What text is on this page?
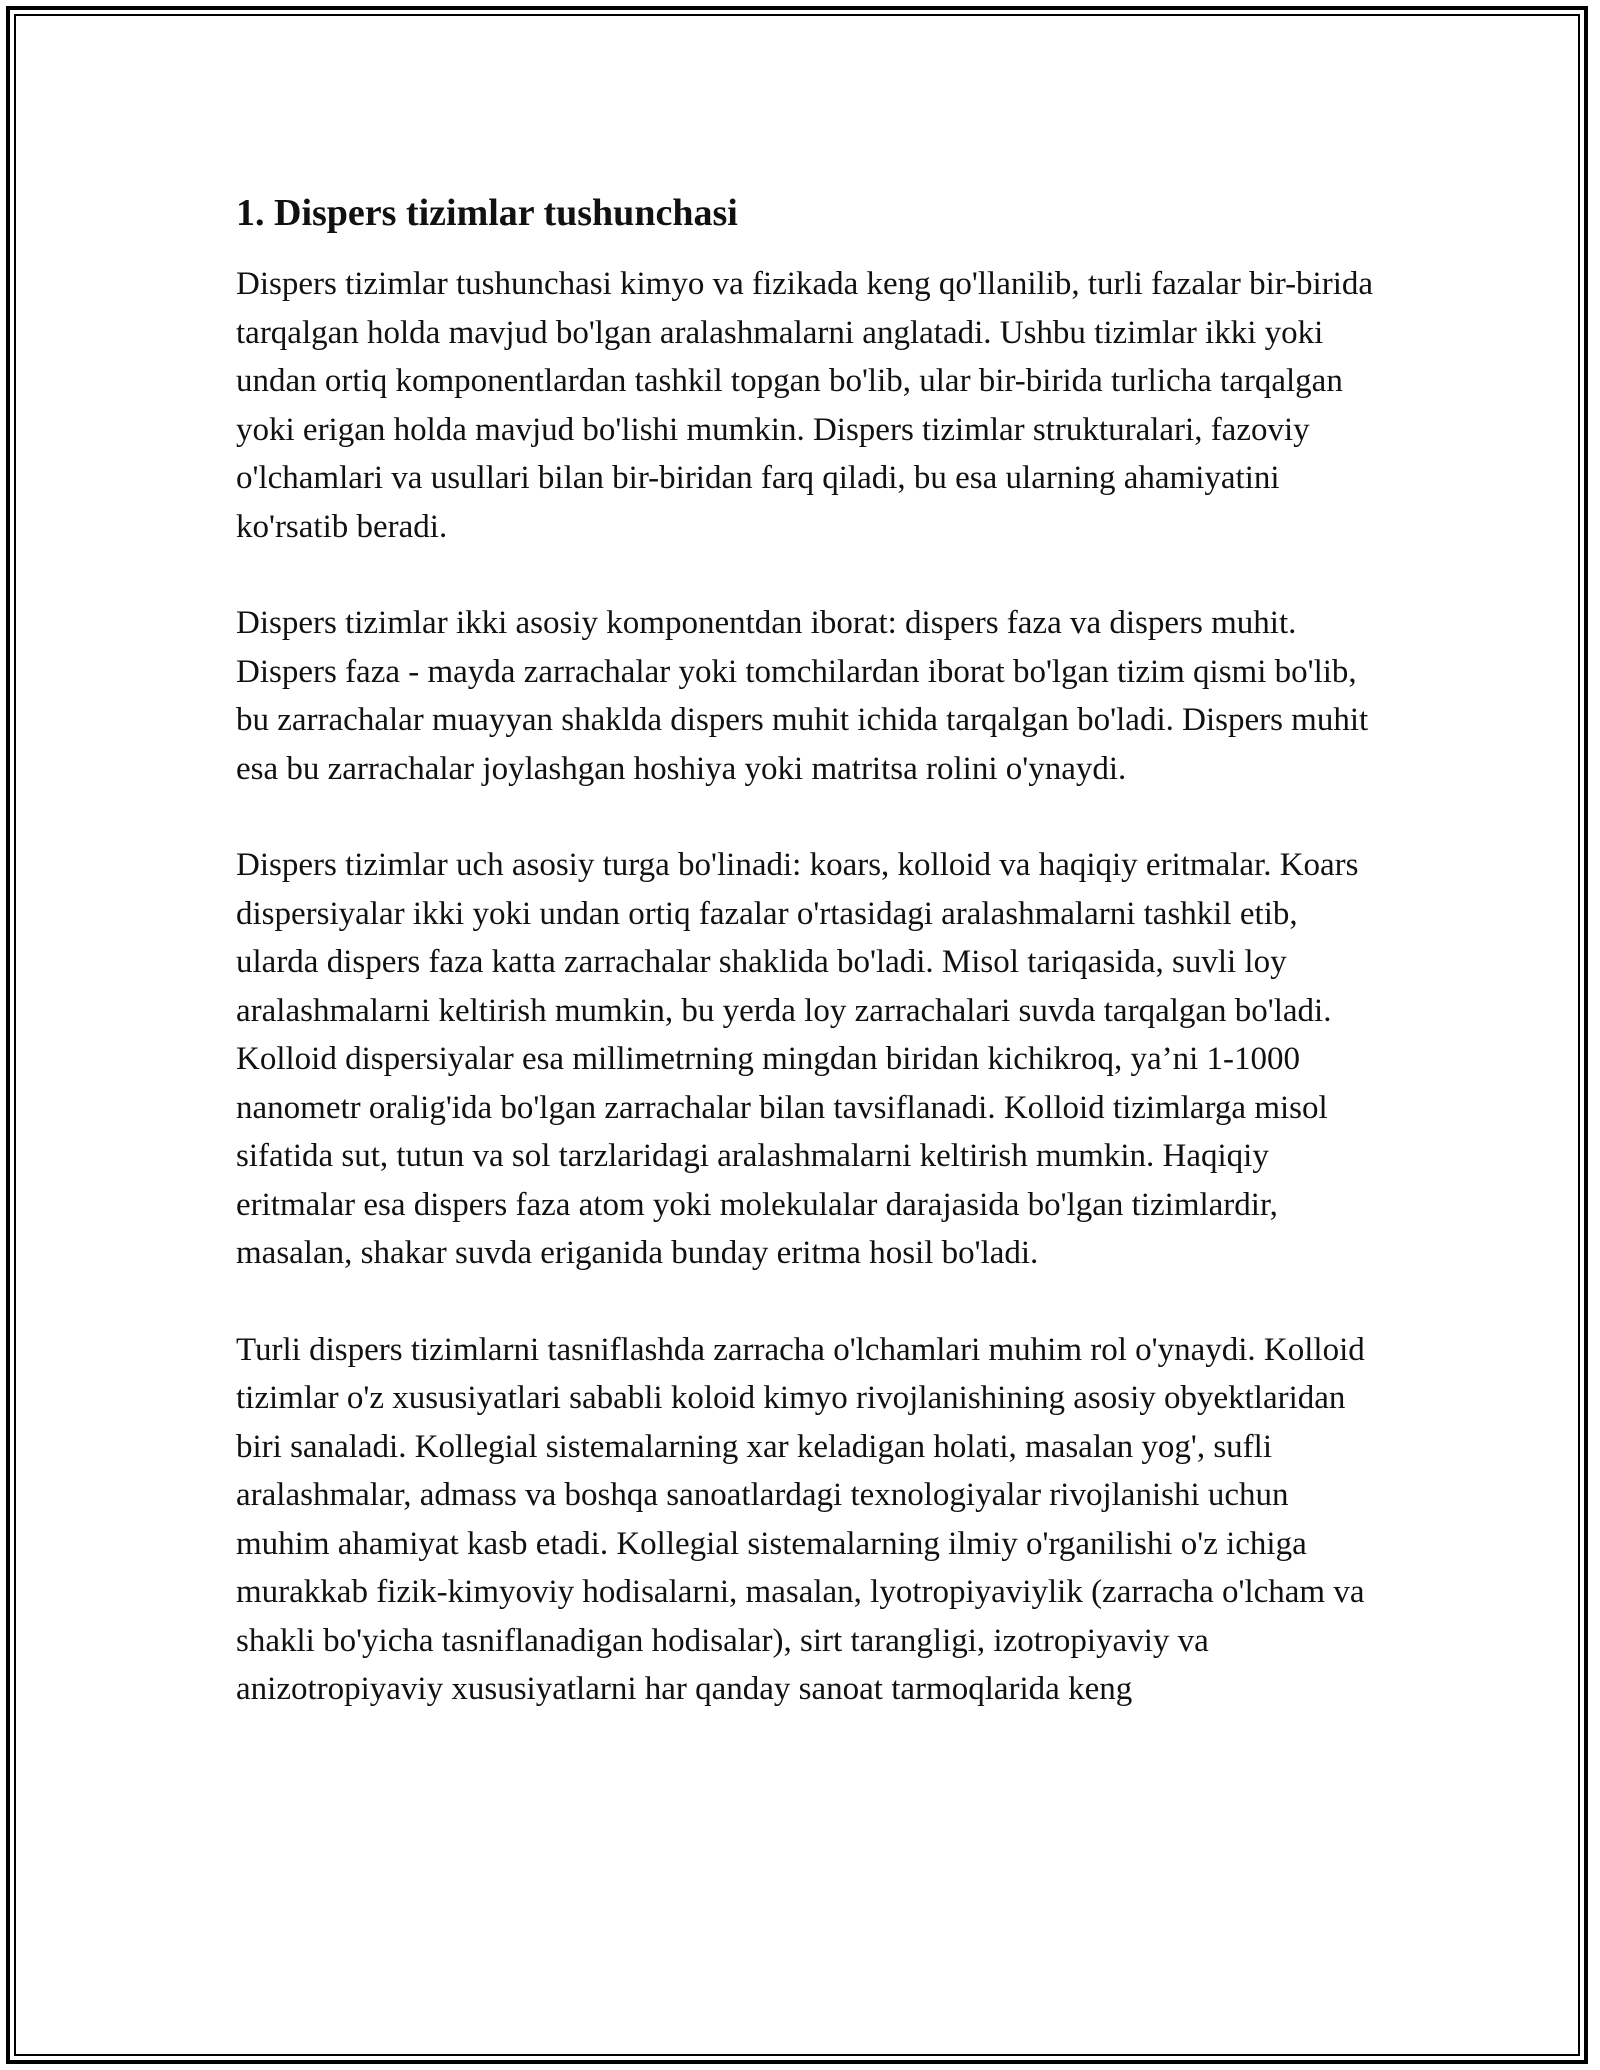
1. Dispers tizimlar tushunchasi

Dispers tizimlar tushunchasi kimyo va fizikada keng qo'llanilib, turli fazalar bir-birida tarqalgan holda mavjud bo'lgan aralashmalarni anglatadi. Ushbu tizimlar ikki yoki undan ortiq komponentlardan tashkil topgan bo'lib, ular bir-birida turlicha tarqalgan yoki erigan holda mavjud bo'lishi mumkin. Dispers tizimlar strukturalari, fazoviy o'lchamlari va usullari bilan bir-biridan farq qiladi, bu esa ularning ahamiyatini ko'rsatib beradi.

Dispers tizimlar ikki asosiy komponentdan iborat: dispers faza va dispers muhit. Dispers faza - mayda zarrachalar yoki tomchilardan iborat bo'lgan tizim qismi bo'lib, bu zarrachalar muayyan shaklda dispers muhit ichida tarqalgan bo'ladi. Dispers muhit esa bu zarrachalar joylashgan hoshiya yoki matritsa rolini o'ynaydi.

Dispers tizimlar uch asosiy turga bo'linadi: koars, kolloid va haqiqiy eritmalar. Koars dispersiyalar ikki yoki undan ortiq fazalar o'rtasidagi aralashmalarni tashkil etib, ularda dispers faza katta zarrachalar shaklida bo'ladi. Misol tariqasida, suvli loy aralashmalarni keltirish mumkin, bu yerda loy zarrachalari suvda tarqalgan bo'ladi. Kolloid dispersiyalar esa millimetrning mingdan biridan kichikroq, ya’ni 1-1000 nanometr oralig'ida bo'lgan zarrachalar bilan tavsiflanadi. Kolloid tizimlarga misol sifatida sut, tutun va sol tarzlaridagi aralashmalarni keltirish mumkin. Haqiqiy eritmalar esa dispers faza atom yoki molekulalar darajasida bo'lgan tizimlardir, masalan, shakar suvda eriganida bunday eritma hosil bo'ladi.

Turli dispers tizimlarni tasniflashda zarracha o'lchamlari muhim rol o'ynaydi. Kolloid tizimlar o'z xususiyatlari sababli koloid kimyo rivojlanishining asosiy obyektlaridan biri sanaladi. Kollegial sistemalarning xar keladigan holati, masalan yog', sufli aralashmalar, admass va boshqa sanoatlardagi texnologiyalar rivojlanishi uchun muhim ahamiyat kasb etadi. Kollegial sistemalarning ilmiy o'rganilishi o'z ichiga murakkab fizik-kimyoviy hodisalarni, masalan, lyotropiyaviylik (zarracha o'lcham va shakli bo'yicha tasniflanadigan hodisalar), sirt tarangligi, izotropiyaviy va anizotropiyaviy xususiyatlarni har qanday sanoat tarmoqlarida keng
